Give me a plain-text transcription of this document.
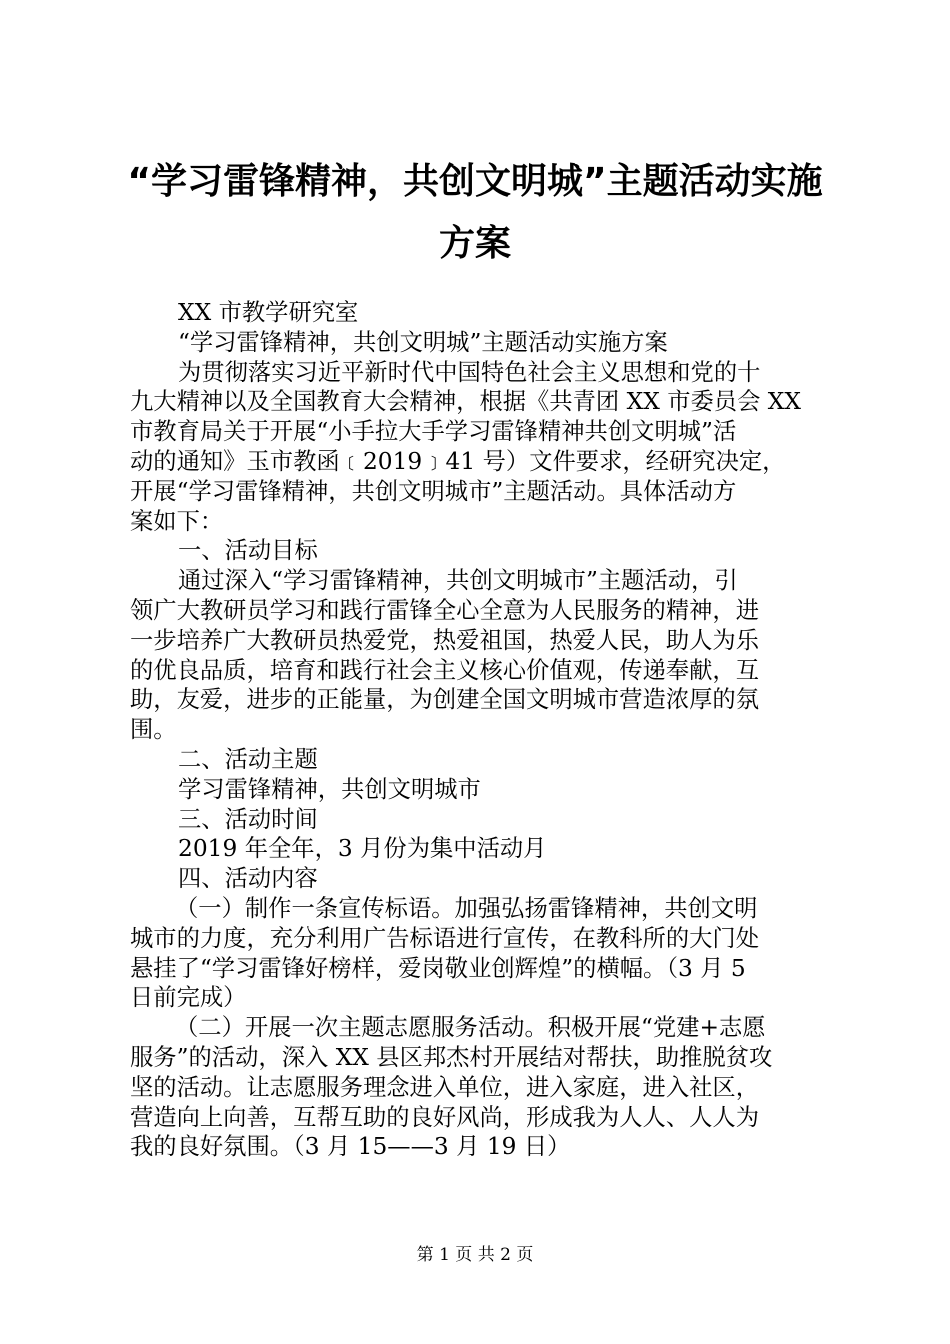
“学习雷锋精神，共创文明城”主题活动实施
方案

XX 市教学研究室

“学习雷锋精神，共创文明城”主题活动实施方案

为贯彻落实习近平新时代中国特色社会主义思想和党的十

九大精神以及全国教育大会精神，根据《共青团 XX 市委员会 XX

市教育局关于开展“小手拉大手学习雷锋精神共创文明城”活

动的通知》玉市教函﹝2019﹞41 号）文件要求，经研究决定，

开展“学习雷锋精神，共创文明城市”主题活动。具体活动方

案如下：

一、活动目标

通过深入“学习雷锋精神，共创文明城市”主题活动，引

领广大教研员学习和践行雷锋全心全意为人民服务的精神，进

一步培养广大教研员热爱党，热爱祖国，热爱人民，助人为乐

的优良品质，培育和践行社会主义核心价值观，传递奉献，互

助，友爱，进步的正能量，为创建全国文明城市营造浓厚的氛

围。

二、活动主题

学习雷锋精神，共创文明城市

三、活动时间

2019 年全年，3 月份为集中活动月

四、活动内容

（一）制作一条宣传标语。加强弘扬雷锋精神，共创文明

城市的力度，充分利用广告标语进行宣传，在教科所的大门处

悬挂了“学习雷锋好榜样，爱岗敬业创辉煌”的横幅。（3 月 5

日前完成）

（二）开展一次主题志愿服务活动。积极开展“党建+志愿

服务”的活动，深入 XX 县区邦杰村开展结对帮扶，助推脱贫攻

坚的活动。让志愿服务理念进入单位，进入家庭，进入社区，

营造向上向善，互帮互助的良好风尚，形成我为人人、人人为

我的良好氛围。（3 月 15——3 月 19 日）

第 1 页 共 2 页
